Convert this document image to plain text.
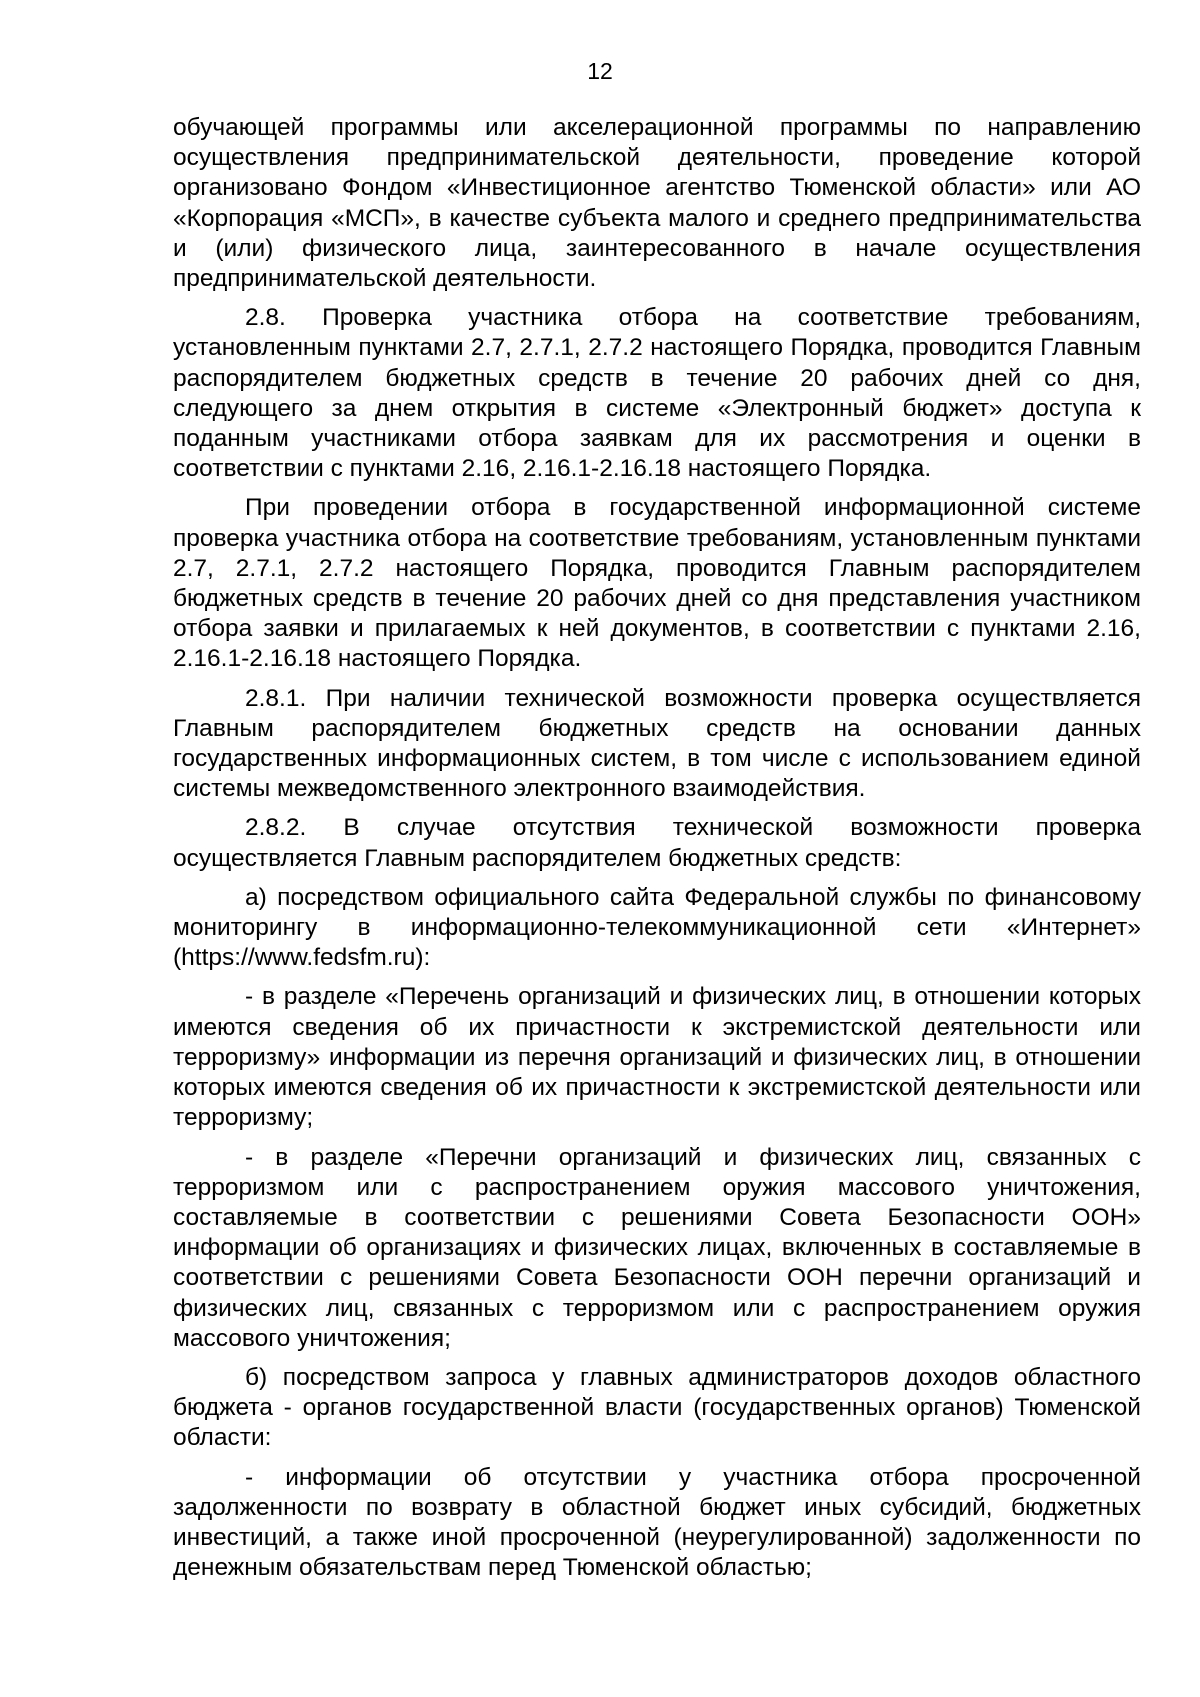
12

обучающей программы или акселерационной программы по направлению осуществления предпринимательской деятельности, проведение которой организовано Фондом «Инвестиционное агентство Тюменской области» или АО «Корпорация «МСП», в качестве субъекта малого и среднего предпринимательства и (или) физического лица, заинтересованного в начале осуществления предпринимательской деятельности.

2.8. Проверка участника отбора на соответствие требованиям, установленным пунктами 2.7, 2.7.1, 2.7.2 настоящего Порядка, проводится Главным распорядителем бюджетных средств в течение 20 рабочих дней со дня, следующего за днем открытия в системе «Электронный бюджет» доступа к поданным участниками отбора заявкам для их рассмотрения и оценки в соответствии с пунктами 2.16, 2.16.1-2.16.18 настоящего Порядка.

При проведении отбора в государственной информационной системе проверка участника отбора на соответствие требованиям, установленным пунктами 2.7, 2.7.1, 2.7.2 настоящего Порядка, проводится Главным распорядителем бюджетных средств в течение 20 рабочих дней со дня представления участником отбора заявки и прилагаемых к ней документов, в соответствии с пунктами 2.16, 2.16.1-2.16.18 настоящего Порядка.

2.8.1. При наличии технической возможности проверка осуществляется Главным распорядителем бюджетных средств на основании данных государственных информационных систем, в том числе с использованием единой системы межведомственного электронного взаимодействия.

2.8.2. В случае отсутствия технической возможности проверка осуществляется Главным распорядителем бюджетных средств:

а) посредством официального сайта Федеральной службы по финансовому мониторингу в информационно-телекоммуникационной сети «Интернет» (https://www.fedsfm.ru):

- в разделе «Перечень организаций и физических лиц, в отношении которых имеются сведения об их причастности к экстремистской деятельности или терроризму» информации из перечня организаций и физических лиц, в отношении которых имеются сведения об их причастности к экстремистской деятельности или терроризму;

- в разделе «Перечни организаций и физических лиц, связанных с терроризмом или с распространением оружия массового уничтожения, составляемые в соответствии с решениями Совета Безопасности ООН» информации об организациях и физических лицах, включенных в составляемые в соответствии с решениями Совета Безопасности ООН перечни организаций и физических лиц, связанных с терроризмом или с распространением оружия массового уничтожения;

б) посредством запроса у главных администраторов доходов областного бюджета - органов государственной власти (государственных органов) Тюменской области:

- информации об отсутствии у участника отбора просроченной задолженности по возврату в областной бюджет иных субсидий, бюджетных инвестиций, а также иной просроченной (неурегулированной) задолженности по денежным обязательствам перед Тюменской областью;
